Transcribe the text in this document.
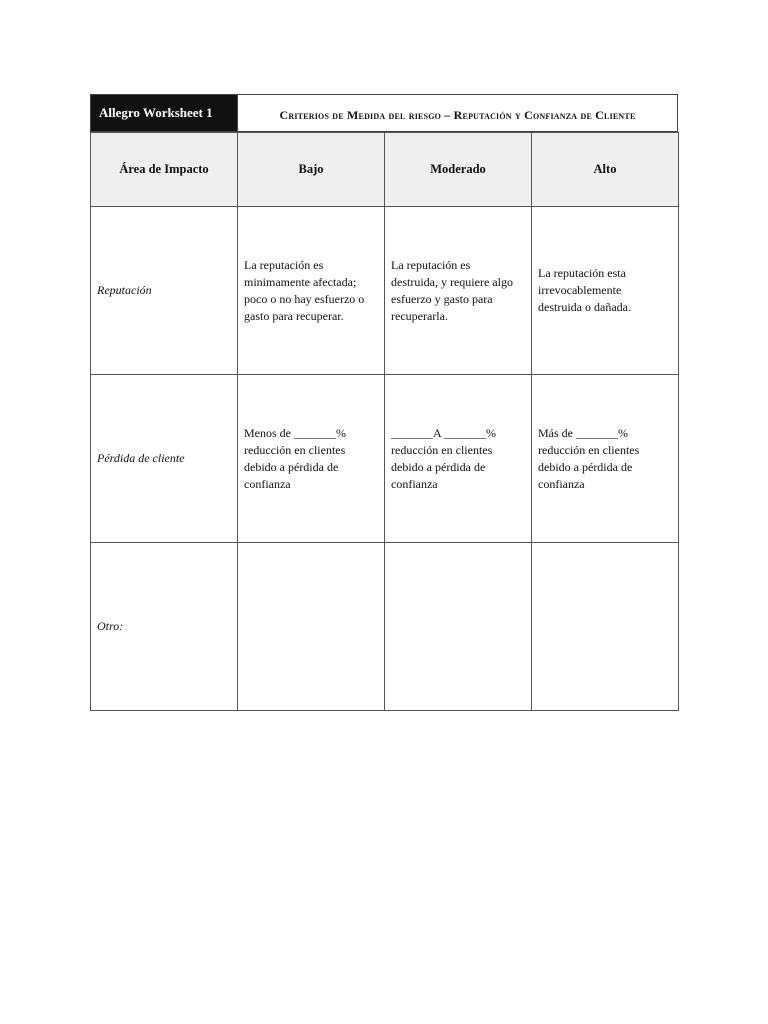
Allegro Worksheet 1	Criterios de Medida del riesgo – Reputación y Confianza de Cliente
Área de Impacto	Bajo	Moderado	Alto
Reputación	La reputación es
minimamente afectada;
poco o no hay esfuerzo o
gasto para recuperar.	La reputación es
destruida, y requiere algo
esfuerzo y gasto para
recuperarla.	La reputación esta
irrevocablemente
destruida o dañada.

Pérdida de cliente	Menos de _______%
reducción en clientes
debido a pérdida de
confianza	_______A _______%
reducción en clientes
debido a pérdida de
confianza	Más de _______%
reducción en clientes
debido a pérdida de
confianza

Otro:	
